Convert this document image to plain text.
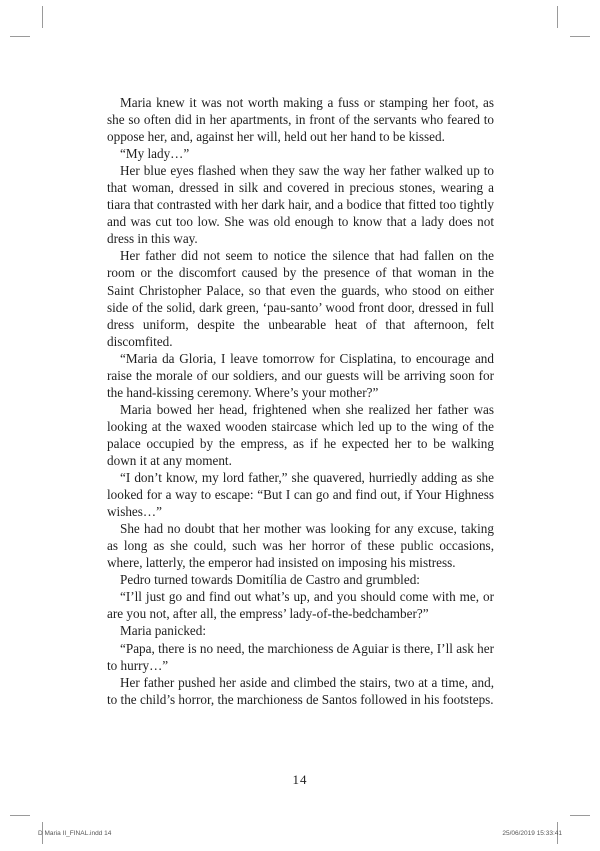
Maria knew it was not worth making a fuss or stamping her foot, as she so often did in her apartments, in front of the servants who feared to oppose her, and, against her will, held out her hand to be kissed.

“My lady…”

Her blue eyes flashed when they saw the way her father walked up to that woman, dressed in silk and covered in precious stones, wearing a tiara that contrasted with her dark hair, and a bodice that fitted too tightly and was cut too low. She was old enough to know that a lady does not dress in this way.

Her father did not seem to notice the silence that had fallen on the room or the discomfort caused by the presence of that woman in the Saint Christopher Palace, so that even the guards, who stood on either side of the solid, dark green, ‘pau-santo’ wood front door, dressed in full dress uniform, despite the unbearable heat of that afternoon, felt discomfited.

“Maria da Gloria, I leave tomorrow for Cisplatina, to encourage and raise the morale of our soldiers, and our guests will be arriving soon for the hand-kissing ceremony. Where’s your mother?”

Maria bowed her head, frightened when she realized her father was looking at the waxed wooden staircase which led up to the wing of the palace occupied by the empress, as if he expected her to be walking down it at any moment.

“I don’t know, my lord father,” she quavered, hurriedly adding as she looked for a way to escape: “But I can go and find out, if Your Highness wishes…”

She had no doubt that her mother was looking for any excuse, taking as long as she could, such was her horror of these public occasions, where, latterly, the emperor had insisted on imposing his mistress.

Pedro turned towards Domitília de Castro and grumbled:

“I’ll just go and find out what’s up, and you should come with me, or are you not, after all, the empress’ lady-of-the-bedchamber?”

Maria panicked:

“Papa, there is no need, the marchioness de Aguiar is there, I’ll ask her to hurry…”

Her father pushed her aside and climbed the stairs, two at a time, and, to the child’s horror, the marchioness de Santos followed in his footsteps.

14
D Maria II_FINAL.indd 14	25/06/2019 15:33:41
